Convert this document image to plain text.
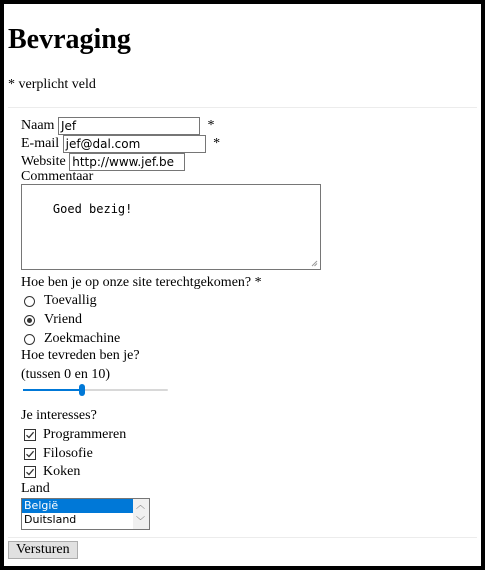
Bevraging

* verplicht veld

Naam Jef	*
E-mail jef@dal.com	*
Website http://www.jef.be
Commentaar

Goed bezig!

Hoe ben je op onze site terechtgekomen? *
Toevallig
Vriend
Zoekmachine
Hoe tevreden ben je?
(tussen 0 en 10)
Je interesses?
Programmeren
Filosofie
Koken
Land
België
Duitsland
︿
﹀
Versturen
